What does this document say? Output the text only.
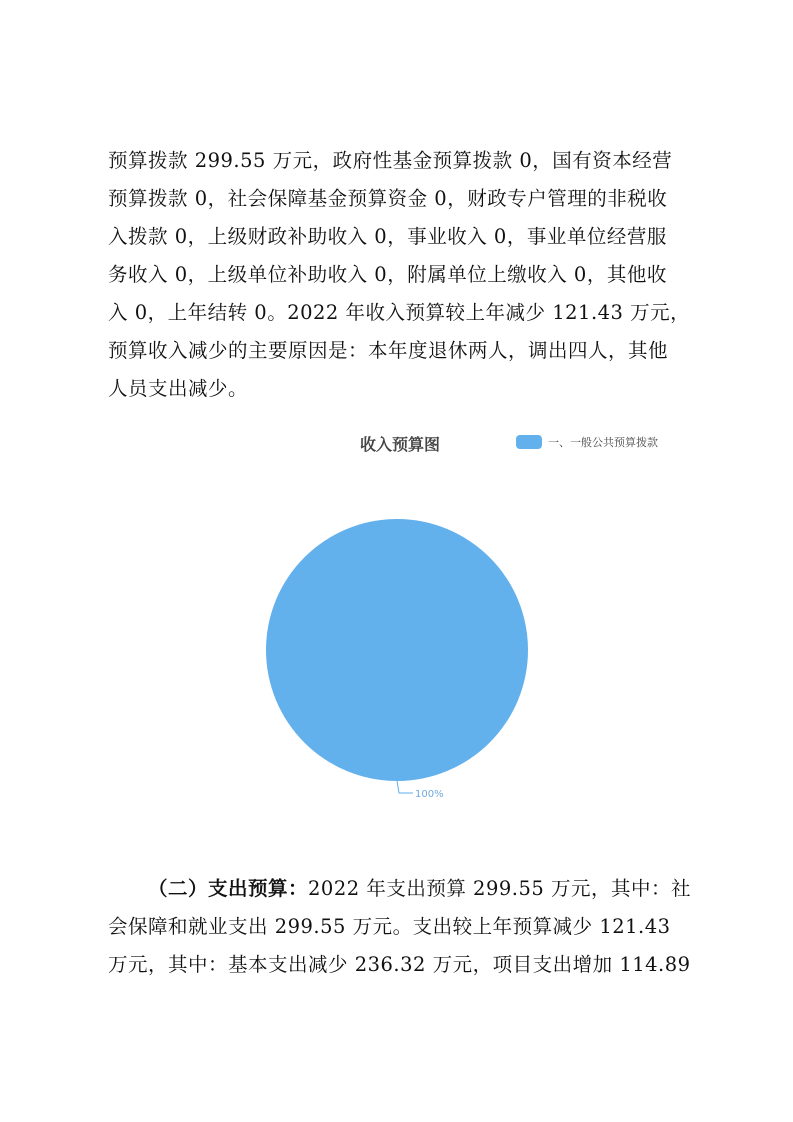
预算拨款 299.55 万元，政府性基金预算拨款 0，国有资本经营

预算拨款 0，社会保障基金预算资金 0，财政专户管理的非税收

入拨款 0，上级财政补助收入 0，事业收入 0，事业单位经营服

务收入 0，上级单位补助收入 0，附属单位上缴收入 0，其他收

入 0，上年结转 0。2022 年收入预算较上年减少 121.43 万元，

预算收入减少的主要原因是：本年度退休两人，调出四人，其他

人员支出减少。

收入预算图	一、一般公共预算拨款
100%

（二）支出预算：2022 年支出预算 299.55 万元，其中：社

会保障和就业支出 299.55 万元。支出较上年预算减少 121.43

万元，其中：基本支出减少 236.32 万元，项目支出增加 114.89
